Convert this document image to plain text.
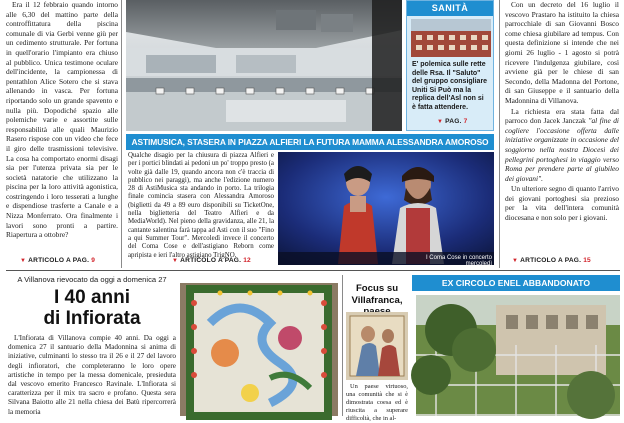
Era il 12 febbraio quando intorno alle 6,30 del mattino parte della controffittatura della piscina comunale di via Gerbi venne giù per un cedimento strutturale. Per fortuna in quell'orario l'impianto era chiuso al pubblico. Unica testimone oculare dell'incidente, la campionessa di pentathlon Alice Sotero che si stava allenando in vasca. Per fortuna riportando solo un grande spavento e nulla più. Dopodiché spazio alle polemiche varie e assortite sulle responsabilità alle quali Maurizio Rasero rispose con un video che fece il giro delle trasmissioni televisive. La cosa ha comportato enormi disagi sia per l'utenza privata sia per le società natatorie che utilizzano la piscina per la loro attività agonistica, costringendo i loro tesserati a lunghe e dispendiose trasferte a Canale e a Nizza Monferrato. Ora finalmente i lavori sono pronti a partire. Riapertura a ottobre?

▼ ARTICOLO A PAG. 9
SANITÀ
E' polemica sulle rette delle Rsa. Il "Saluto" del gruppo consigliare Uniti Si Può ma la replica dell'Asl non si è fatta attendere.
▼ PAG. 7

Con un decreto del 16 luglio il vescovo Prastaro ha istituito la chiesa parrocchiale di san Giovanni Bosco come chiesa giubilare ad tempus. Con questa definizione si intende che nei giorni 26 luglio - 1 agosto si potrà ricevere l'indulgenza giubilare, così avviene già per le chiese di san Secondo, della Madonna del Portone, di san Giuseppe e il santuario della Madonnina di Villanova.

La richiesta era stata fatta dal parroco don Jacek Janczak "al fine di cogliere l'occasione offerta dalle iniziative organizzate in occasione del soggiorno nella nostra Diocesi dei pellegrini portoghesi in viaggio verso Roma per prendere parte al giubileo dei giovani".

Un ulteriore segno di quanto l'arrivo dei giovani portoghesi sia prezioso per la vita dell'intera comunità diocesana e non solo per i giovani.

▼ ARTICOLO A PAG. 15
ASTIMUSICA, STASERA IN PIAZZA ALFIERI LA FUTURA MAMMA ALESSANDRA AMOROSO

Qualche disagio per la chiusura di piazza Alfieri e per i portici blindati ai pedoni un po' troppo presto (a volte già dalle 19, quando ancora non c'è traccia di pubblico nei paraggi), ma anche l'edizione numero 28 di AstiMusica sta andando in porto. La trilogia finale comincia stasera con Alessandra Amoroso (biglietti da 49 a 89 euro disponibili su TicketOne, nella biglietteria del Teatro Alfieri e da MediaWorld). Nel pieno della gravidanza, alle 21, la cantante salentina farà tappa ad Asti con il suo "Fino a qui Summer Tour". Mercoledì invece il concerto del Coma Cose e dell'astigiano Reborn come apripista e ieri l'altro astigiano TrigNO.

▼ ARTICOLO A PAG. 12	I Coma Cose in concerto mercoledì
A Villanova rievocato da oggi a domenica 27
I 40 anni
di Infiorata

L'Infiorata di Villanova compie 40 anni. Da oggi a domenica 27 il santuario della Madonnina si anima di iniziative, culminanti lo stesso tra il 26 e il 27 del lavoro degli infioratori, che completeranno le loro opere artistiche in tempo per la messa domenicale, presieduta dal vescovo emerito Francesco Ravinale. L'Infiorata si caratterizza per il mix tra sacro e profano. Questa sera Silvana Baiotto alle 21 nella chiesa dei Batù ripercorrerà la memoria

Focus su Villafranca,

Un paese virtuoso, una comunità che si è dimostrata coesa ed è riuscita a superare difficoltà, che in al-

EX CIRCOLO ENEL ABBANDONATO
